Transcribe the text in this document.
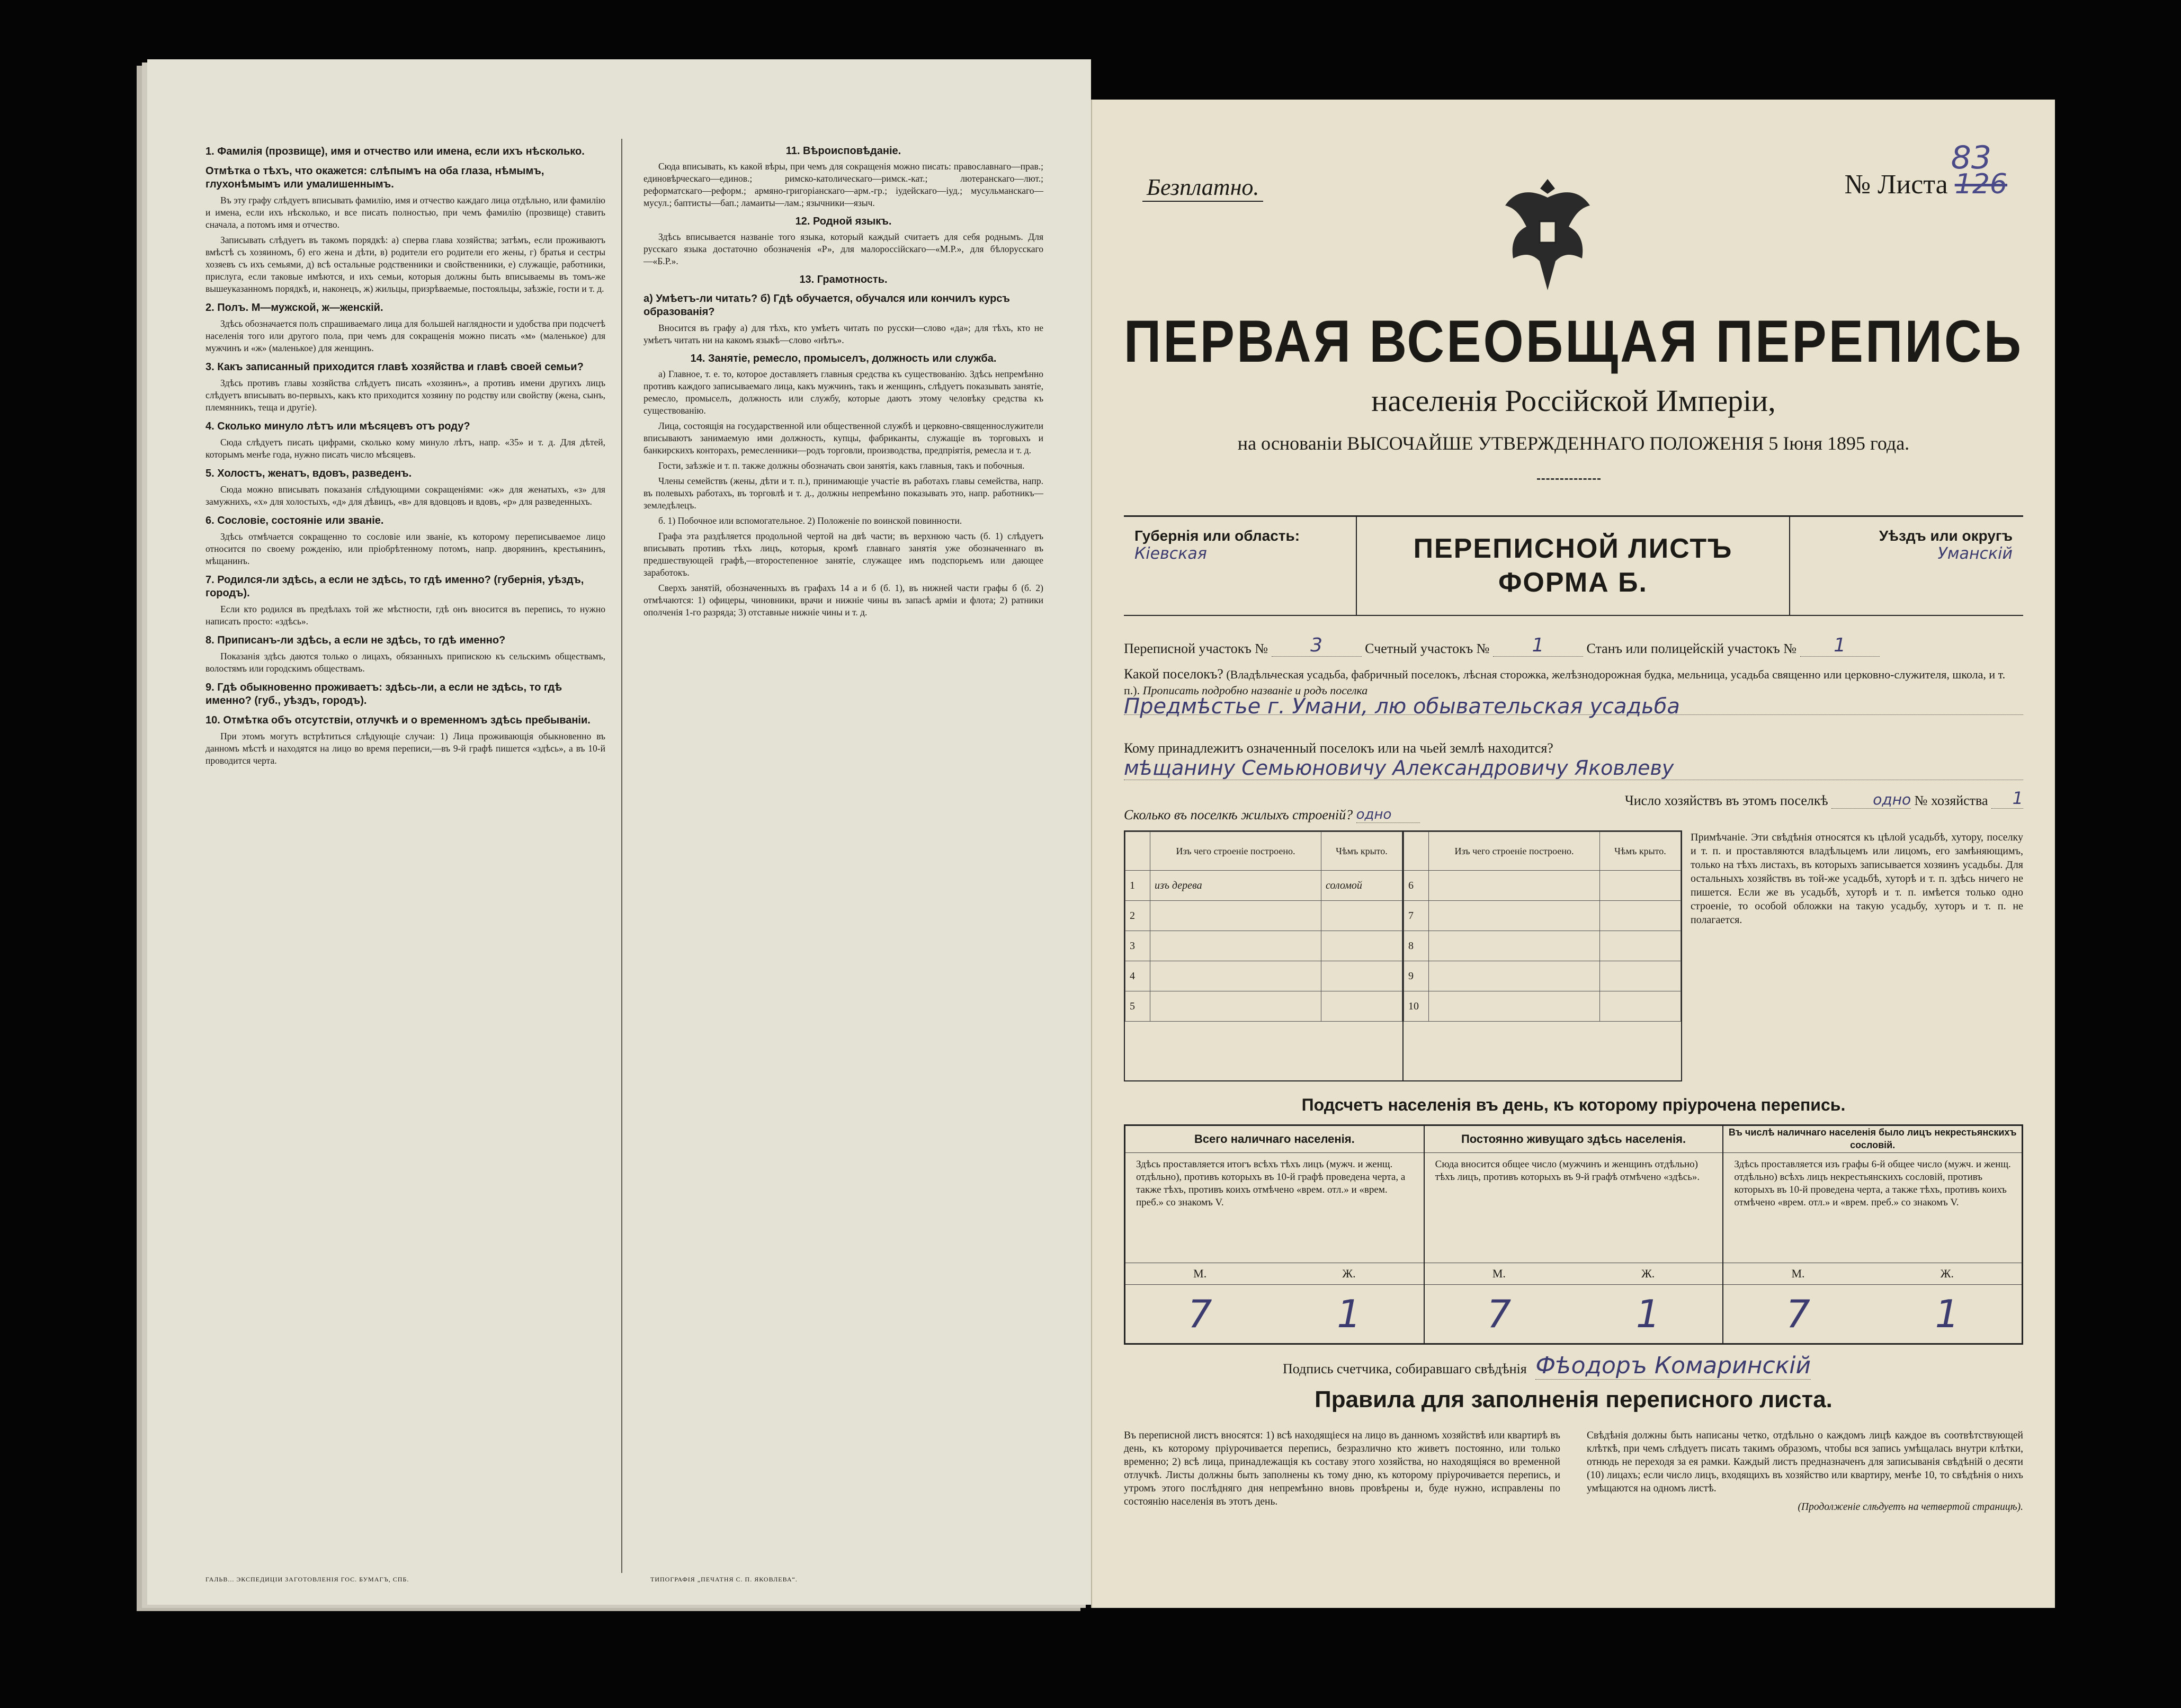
1. Фамилія (прозвище), имя и отчество или имена, если ихъ нѣсколько.
Отмѣтка о тѣхъ, что окажется: слѣпымъ на оба глаза, нѣмымъ, глухонѣмымъ или умалишеннымъ.
Въ эту графу слѣдуетъ вписывать фамилію, имя и отчество каждаго лица отдѣльно, или фамилію и имена, если ихъ нѣсколько, и все писать полностью, при чемъ фамилію (прозвище) ставить сначала, а потомъ имя и отчество.
Записывать слѣдуетъ въ такомъ порядкѣ: а) сперва глава хозяйства; затѣмъ, если проживаютъ вмѣстѣ съ хозяиномъ, б) его жена и дѣти, в) родители его родители его жены, г) братья и сестры хозяевъ съ ихъ семьями, д) всѣ остальные родственники и свойственники, е) служащіе, работники, прислуга, если таковые имѣются, и ихъ семьи, которыя должны быть вписываемы въ томъ-же вышеуказанномъ порядкѣ, и, наконецъ, ж) жильцы, призрѣваемые, постояльцы, заѣзжіе, гости и т. д.
2. Полъ. М—мужской, ж—женскій.
Здѣсь обозначается полъ спрашиваемаго лица для большей наглядности и удобства при подсчетѣ населенія того или другого пола, при чемъ для сокращенія можно писать «м» (маленькое) для мужчинъ и «ж» (маленькое) для женщинъ.
3. Какъ записанный приходится главѣ хозяйства и главѣ своей семьи?
Здѣсь противъ главы хозяйства слѣдуетъ писать «хозяинъ», а противъ имени другихъ лицъ слѣдуетъ вписывать во-первыхъ, какъ кто приходится хозяину по родству или свойству (жена, сынъ, племянникъ, теща и другіе).
4. Сколько минуло лѣтъ или мѣсяцевъ отъ роду?
Сюда слѣдуетъ писать цифрами, сколько кому минуло лѣтъ, напр. «35» и т. д. Для дѣтей, которымъ менѣе года, нужно писать число мѣсяцевъ.
5. Холостъ, женатъ, вдовъ, разведенъ.
Сюда можно вписывать показанія слѣдующими сокращеніями: «ж» для женатыхъ, «з» для замужнихъ, «х» для холостыхъ, «д» для дѣвицъ, «в» для вдовцовъ и вдовъ, «р» для разведенныхъ.
6. Сословіе, состояніе или званіе.
Здѣсь отмѣчается сокращенно то сословіе или званіе, къ которому переписываемое лицо относится по своему рожденію, или пріобрѣтенному потомъ, напр. дворянинъ, крестьянинъ, мѣщанинъ.
7. Родился-ли здѣсь, а если не здѣсь, то гдѣ именно? (губернія, уѣздъ, городъ).
Если кто родился въ предѣлахъ той же мѣстности, гдѣ онъ вносится въ перепись, то нужно написать просто: «здѣсь».
8. Приписанъ-ли здѣсь, а если не здѣсь, то гдѣ именно?
Показанія здѣсь даются только о лицахъ, обязанныхъ припискою къ сельскимъ обществамъ, волостямъ или городскимъ обществамъ.
9. Гдѣ обыкновенно проживаетъ: здѣсь-ли, а если не здѣсь, то гдѣ именно? (губ., уѣздъ, городъ).
10. Отмѣтка объ отсутствіи, отлучкѣ и о временномъ здѣсь пребываніи.
При этомъ могутъ встрѣтиться слѣдующіе случаи: 1) Лица проживающія обыкновенно въ данномъ мѣстѣ и находятся на лицо во время переписи,—въ 9-й графѣ пишется «здѣсь», а въ 10-й проводится черта.
11. Вѣроисповѣданіе.
Сюда вписывать, къ какой вѣры, при чемъ для сокращенія можно писать: православнаго—прав.; единовѣрческаго—единов.; римско-католическаго—римск.-кат.; лютеранскаго—лют.; реформатскаго—реформ.; армяно-григоріанскаго—арм.-гр.; іудейскаго—іуд.; мусульманскаго—мусул.; баптисты—бап.; ламаиты—лам.; язычники—языч.
12. Родной языкъ.
Здѣсь вписывается названіе того языка, который каждый считаетъ для себя роднымъ. Для русскаго языка достаточно обозначенія «Р», для малороссійскаго—«М.Р.», для бѣлорусскаго—«Б.Р.».
13. Грамотность.
а) Умѣетъ-ли читать? б) Гдѣ обучается, обучался или кончилъ курсъ образованія?
Вносится въ графу а) для тѣхъ, кто умѣетъ читать по русски—слово «да»; для тѣхъ, кто не умѣетъ читать ни на какомъ языкѣ—слово «нѣтъ».
14. Занятіе, ремесло, промыселъ, должность или служба.
а) Главное, т. е. то, которое доставляетъ главныя средства къ существованію. Здѣсь непремѣнно противъ каждого записываемаго лица, какъ мужчинъ, такъ и женщинъ, слѣдуетъ показывать занятіе, ремесло, промыселъ, должность или службу, которые даютъ этому человѣку средства къ существованію.
Лица, состоящія на государственной или общественной службѣ и церковно-священнослужители вписываютъ занимаемую ими должность, купцы, фабриканты, служащіе въ торговыхъ и банкирскихъ конторахъ, ремесленники—родъ торговли, производства, предпріятія, ремесла и т. д.
Гости, заѣзжіе и т. п. также должны обозначать свои занятія, какъ главныя, такъ и побочныя.
Члены семействъ (жены, дѣти и т. п.), принимающіе участіе въ работахъ главы семейства, напр. въ полевыхъ работахъ, въ торговлѣ и т. д., должны непремѣнно показывать это, напр. работникъ—земледѣлецъ.
б. 1) Побочное или вспомогательное. 2) Положеніе по воинской повинности.
Графа эта раздѣляется продольной чертой на двѣ части; въ верхнюю часть (б. 1) слѣдуетъ вписывать противъ тѣхъ лицъ, которыя, кромѣ главнаго занятія уже обозначеннаго въ предшествующей графѣ,—второстепенное занятіе, служащее имъ подспорьемъ или дающее заработокъ.
Сверхъ занятій, обозначенныхъ въ графахъ 14 а и б (б. 1), въ нижней части графы б (б. 2) отмѣчаются: 1) офицеры, чиновники, врачи и нижніе чины въ запасѣ армiи и флота; 2) ратники ополченія 1-го разряда; 3) отставные нижніе чины и т. д.
ГАЛЬВ... ЭКСПЕДИЦІИ ЗАГОТОВЛЕНІЯ ГОС. БУМАГЪ, СПБ.	ТИПОГРАФІЯ „ПЕЧАТНЯ С. П. ЯКОВЛЕВА“.
Безплатно.	№ Листа 126
83
ПЕРВАЯ ВСЕОБЩАЯ ПЕРЕПИСЬ
населенія Россійской Имперіи,
на основаніи ВЫСОЧАЙШЕ УТВЕРЖДЕННАГО ПОЛОЖЕНІЯ 5 Іюня 1895 года.
Губернія или область:
Кіевская	ПЕРЕПИСНОЙ ЛИСТЪ
ФОРМА Б.
Уѣздъ или округъ
Уманскій
Переписной участокъ № 3	Счетный участокъ № 1	Станъ или полицейскій участокъ № 1
Какой поселокъ? (Владѣльческая усадьба, фабричный поселокъ, лѣсная сторожка, желѣзнодорожная будка, мельница, усадьба священно или церковно-служителя, школа, и т. п.). Прописать подробно названіе и родъ поселка
Предмѣстье г. Умани, лю обывательская усадьба
Кому принадлежитъ означенный поселокъ или на чьей землѣ находится?
мѣщанину Семьюновичу Александровичу Яковлеву
Число хозяйствъ въ этомъ поселкѣ	одно № хозяйства 1
Сколько въ поселкѣ жилыхъ строеній? одно
	Изъ чего строеніе построено.	Чѣмъ крыто.
1	изъ дерева	соломой
2		
3		
4		
5		
	Изъ чего строеніе построено.	Чѣмъ крыто.
6		
7		
8		
9		
10		
Примѣчаніе. Эти свѣдѣнія относятся къ цѣлой усадьбѣ, хутору, поселку и т. п. и проставляются владѣльцемъ или лицомъ, его замѣняющимъ, только на тѣхъ листахъ, въ которыхъ записывается хозяинъ усадьбы. Для остальныхъ хозяйствъ въ той-же усадьбѣ, хуторѣ и т. п. здѣсь ничего не пишется. Если же въ усадьбѣ, хуторѣ и т. п. имѣется только одно строеніе, то особой обложки на такую усадьбу, хуторъ и т. п. не полагается.
Подсчетъ населенія въ день, къ которому пріурочена перепись.
Всего наличнаго населенія.
Здѣсь проставляется итогъ всѣхъ тѣхъ лицъ (мужч. и женщ. отдѣльно), противъ которыхъ въ 10-й графѣ проведена черта, а также тѣхъ, противъ коихъ отмѣчено «врем. отл.» и «врем. преб.» со знакомъ V.
М.	Ж.
7	1
Постоянно живущаго здѣсь населенія.
Сюда вносится общее число (мужчинъ и женщинъ отдѣльно) тѣхъ лицъ, противъ которыхъ въ 9-й графѣ отмѣчено «здѣсь».
М.	Ж.
7	1
Въ числѣ наличнаго населенія было лицъ некрестьянскихъ сословій.
Здѣсь проставляется изъ графы 6-й общее число (мужч. и женщ. отдѣльно) всѣхъ лицъ некрестьянскихъ сословій, противъ которыхъ въ 10-й проведена черта, а также тѣхъ, противъ коихъ отмѣчено «врем. отл.» и «врем. преб.» со знакомъ V.
М.	Ж.
7	1
Подпись счетчика, собиравшаго свѣдѣнія Фѣодоръ Комаринскій
Правила для заполненія переписного листа.
Въ переписной листъ вносятся: 1) всѣ находящіеся на лицо въ данномъ хозяйствѣ или квартирѣ въ день, къ которому пріурочивается перепись, безразлично кто живетъ постоянно, или только временно; 2) всѣ лица, принадлежащія къ составу этого хозяйства, но находящіяся во временной отлучкѣ. Листы должны быть заполнены къ тому дню, къ которому пріурочивается перепись, и утромъ этого послѣдняго дня непремѣнно вновь провѣрены и, буде нужно, исправлены по состоянію населенія въ этотъ день.
Свѣдѣнія должны быть написаны четко, отдѣльно о каждомъ лицѣ каждое въ соотвѣтствующей клѣткѣ, при чемъ слѣдуетъ писать такимъ образомъ, чтобы вся запись умѣщалась внутри клѣтки, отнюдь не переходя за ея рамки. Каждый листъ предназначенъ для записыванія свѣдѣній о десяти (10) лицахъ; если число лицъ, входящихъ въ хозяйство или квартиру, менѣе 10, то свѣдѣнія о нихъ умѣщаются на одномъ листѣ.
(Продолженіе слѣдуетъ на четвертой страницѣ).
